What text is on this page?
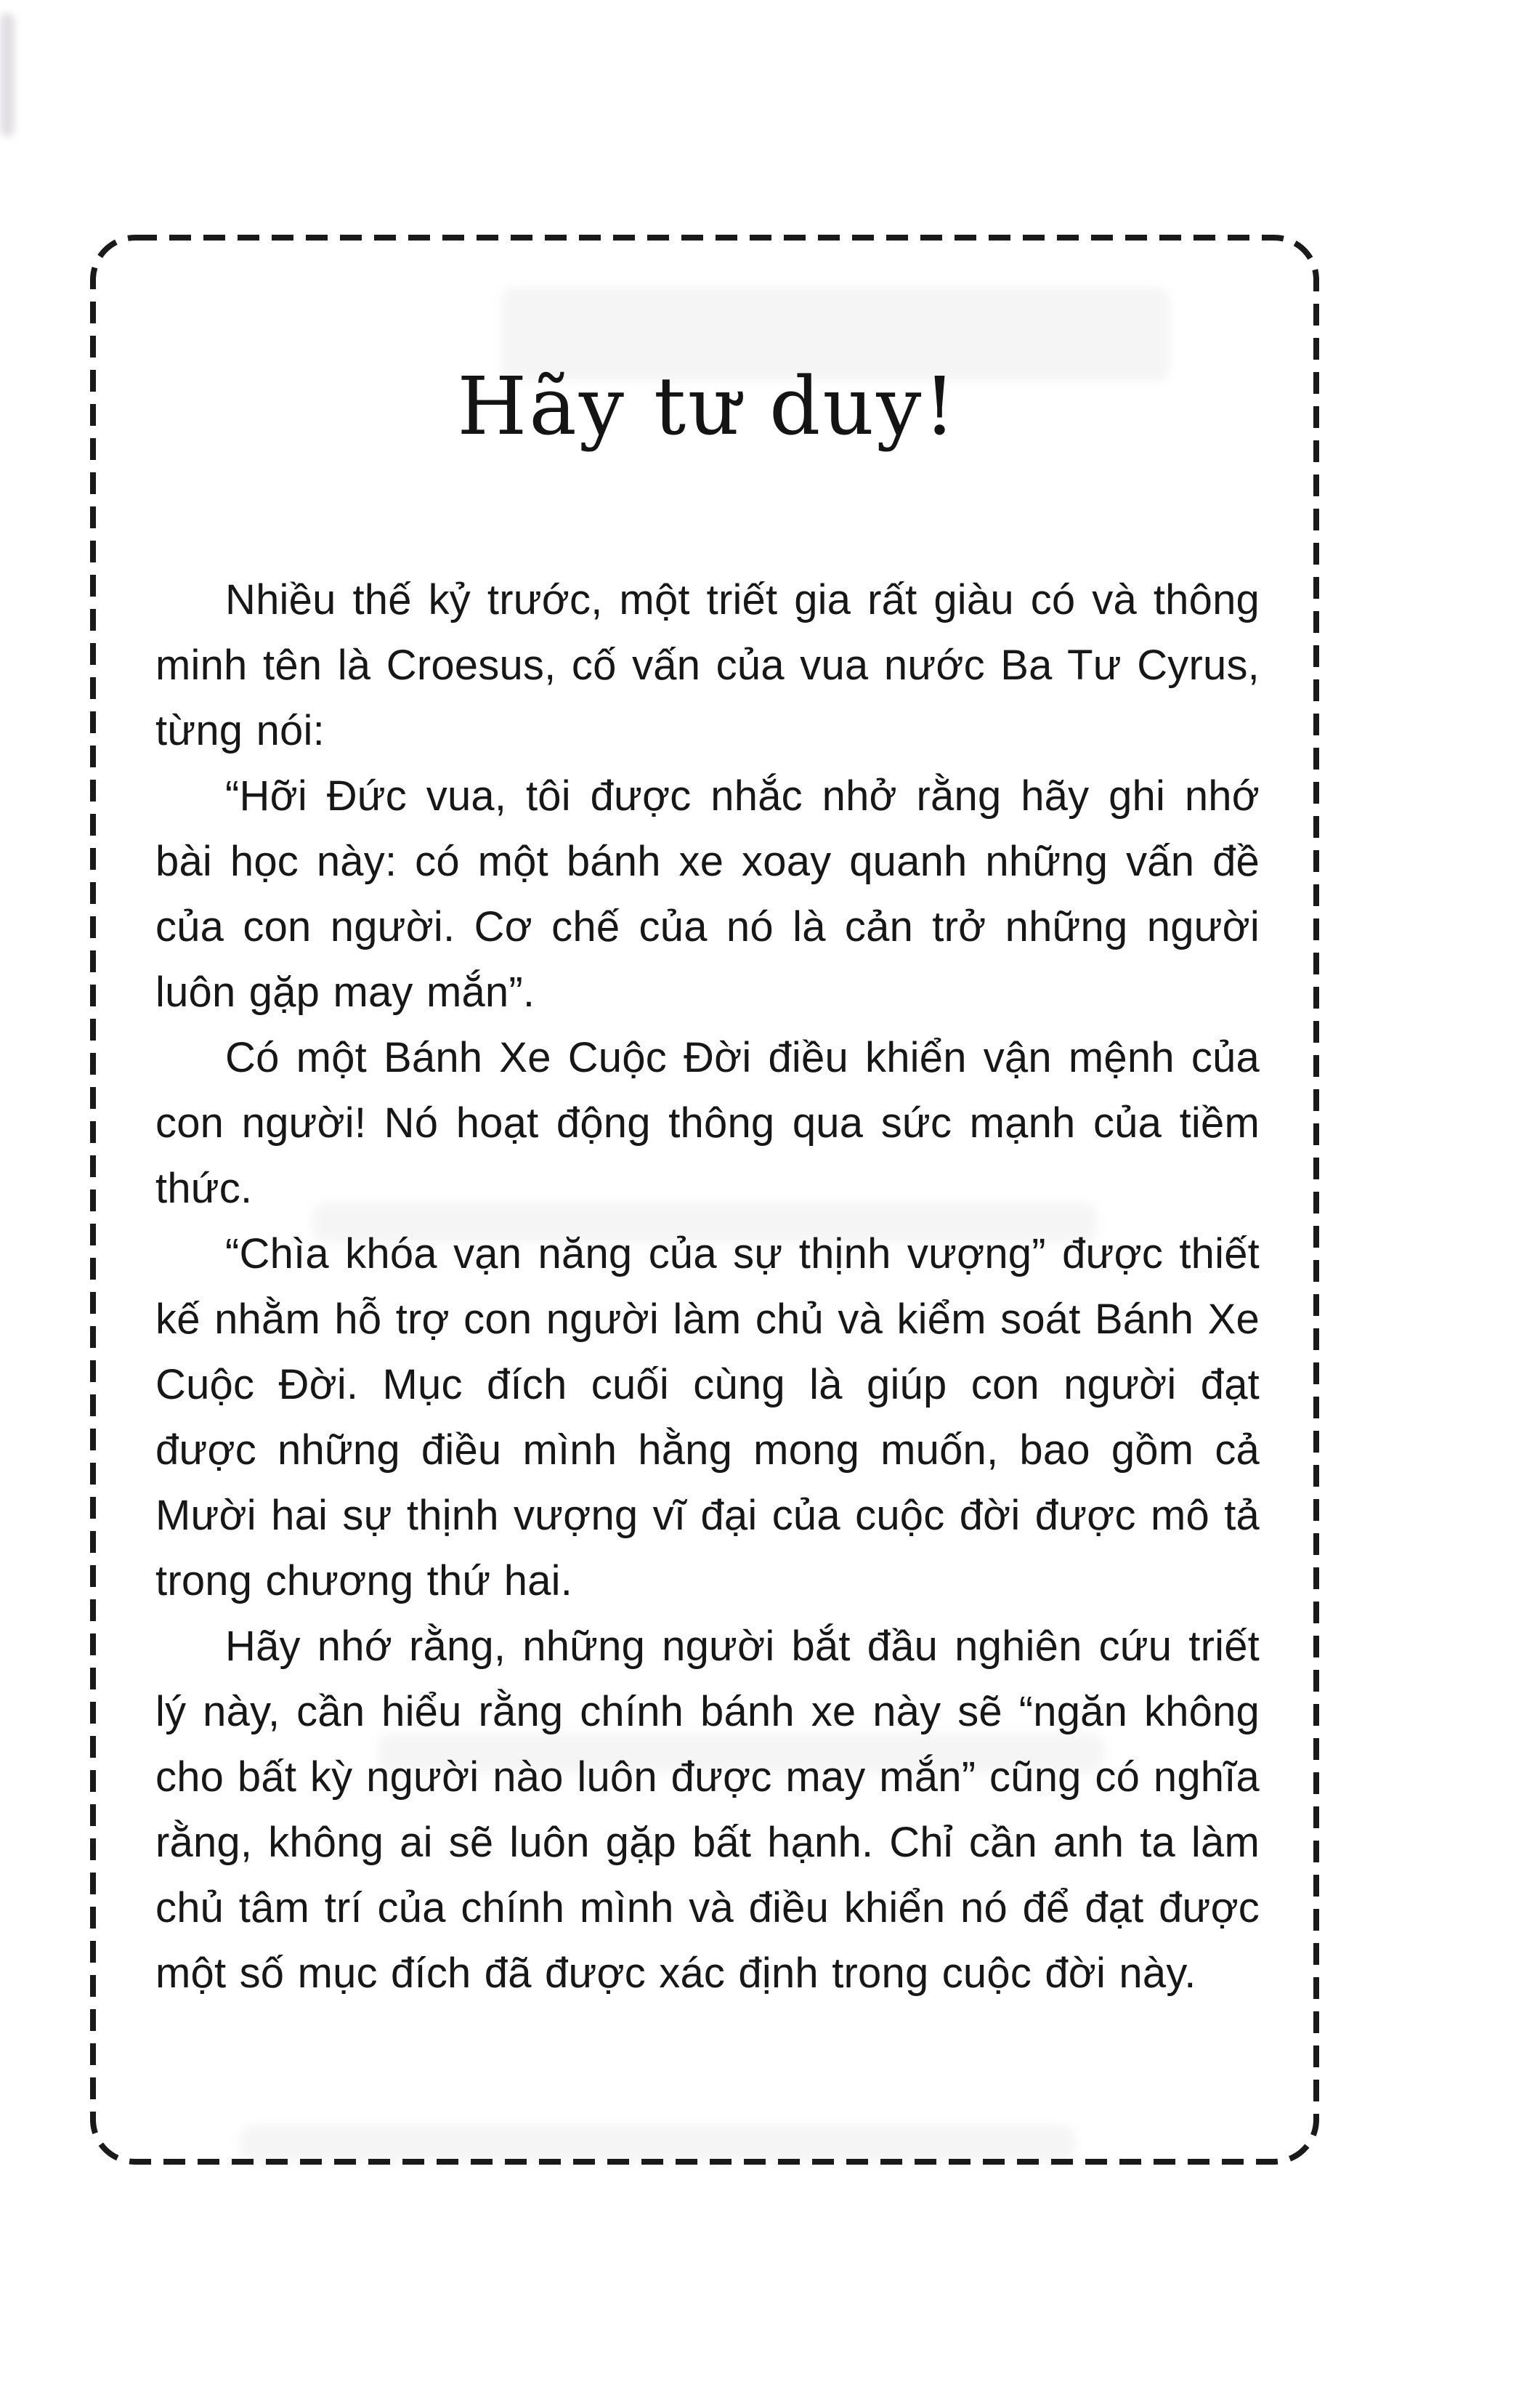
Hãy tư duy!

Nhiều thế kỷ trước, một triết gia rất giàu có và thông minh tên là Croesus, cố vấn của vua nước Ba Tư Cyrus, từng nói:

“Hỡi Đức vua, tôi được nhắc nhở rằng hãy ghi nhớ bài học này: có một bánh xe xoay quanh những vấn đề của con người. Cơ chế của nó là cản trở những người luôn gặp may mắn”.

Có một Bánh Xe Cuộc Đời điều khiển vận mệnh của con người! Nó hoạt động thông qua sức mạnh của tiềm thức.

“Chìa khóa vạn năng của sự thịnh vượng” được thiết kế nhằm hỗ trợ con người làm chủ và kiểm soát Bánh Xe Cuộc Đời. Mục đích cuối cùng là giúp con người đạt được những điều mình hằng mong muốn, bao gồm cả Mười hai sự thịnh vượng vĩ đại của cuộc đời được mô tả trong chương thứ hai.

Hãy nhớ rằng, những người bắt đầu nghiên cứu triết lý này, cần hiểu rằng chính bánh xe này sẽ “ngăn không cho bất kỳ người nào luôn được may mắn” cũng có nghĩa rằng, không ai sẽ luôn gặp bất hạnh. Chỉ cần anh ta làm chủ tâm trí của chính mình và điều khiển nó để đạt được một số mục đích đã được xác định trong cuộc đời này.
